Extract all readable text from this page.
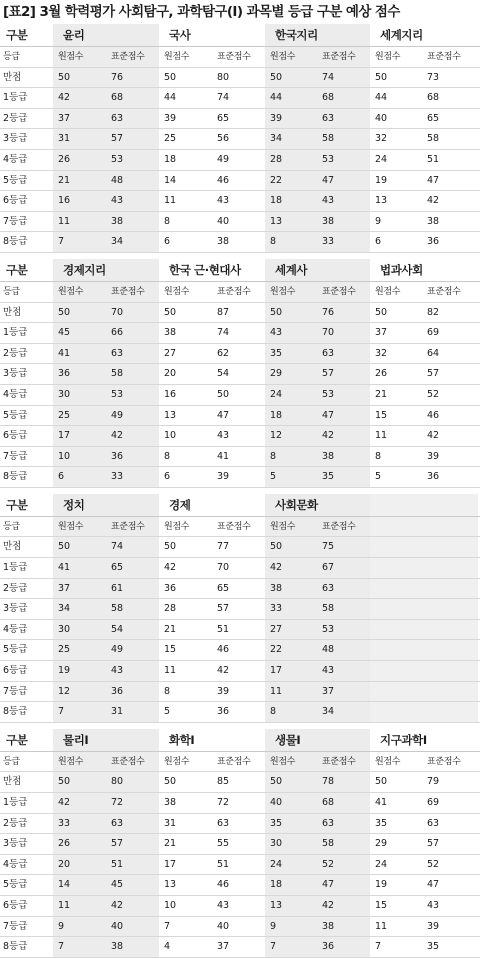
[표2] 3월 학력평가 사회탐구, 과학탐구(I) 과목별 등급 구분 예상 점수
구분	윤리	국사	한국지리	세계지리
등급	원점수	표준점수	원점수	표준점수	원점수	표준점수	원점수	표준점수
만점	50	76	50	80	50	74	50	73
1등급	42	68	44	74	44	68	44	68
2등급	37	63	39	65	39	63	40	65
3등급	31	57	25	56	34	58	32	58
4등급	26	53	18	49	28	53	24	51
5등급	21	48	14	46	22	47	19	47
6등급	16	43	11	43	18	43	13	42
7등급	11	38	8	40	13	38	9	38
8등급	7	34	6	38	8	33	6	36
구분	경제지리	한국 근·현대사	세계사	법과사회
등급	원점수	표준점수	원점수	표준점수	원점수	표준점수	원점수	표준점수
만점	50	70	50	87	50	76	50	82
1등급	45	66	38	74	43	70	37	69
2등급	41	63	27	62	35	63	32	64
3등급	36	58	20	54	29	57	26	57
4등급	30	53	16	50	24	53	21	52
5등급	25	49	13	47	18	47	15	46
6등급	17	42	10	43	12	42	11	42
7등급	10	36	8	41	8	38	8	39
8등급	6	33	6	39	5	35	5	36
구분	정치	경제	사회문화
등급	원점수	표준점수	원점수	표준점수	원점수	표준점수
만점	50	74	50	77	50	75
1등급	41	65	42	70	42	67
2등급	37	61	36	65	38	63
3등급	34	58	28	57	33	58
4등급	30	54	21	51	27	53
5등급	25	49	15	46	22	48
6등급	19	43	11	42	17	43
7등급	12	36	8	39	11	37
8등급	7	31	5	36	8	34
구분	물리I	화학I	생물I	지구과학I
등급	원점수	표준점수	원점수	표준점수	원점수	표준점수	원점수	표준점수
만점	50	80	50	85	50	78	50	79
1등급	42	72	38	72	40	68	41	69
2등급	33	63	31	63	35	63	35	63
3등급	26	57	21	55	30	58	29	57
4등급	20	51	17	51	24	52	24	52
5등급	14	45	13	46	18	47	19	47
6등급	11	42	10	43	13	42	15	43
7등급	9	40	7	40	9	38	11	39
8등급	7	38	4	37	7	36	7	35
